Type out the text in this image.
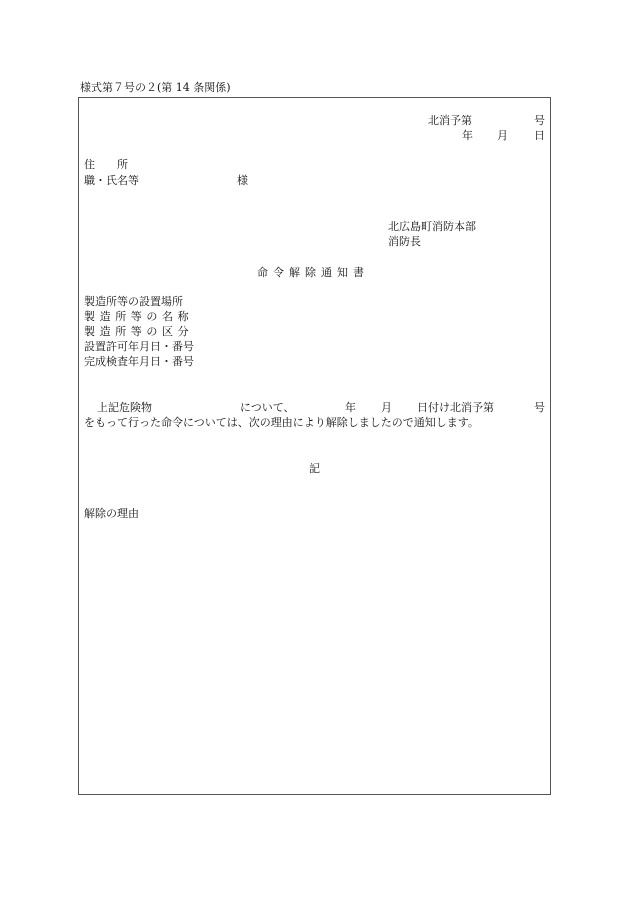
様式第７号の２(第 14 条関係)
北消予第	号
年 月 日
住　　所
職・氏名等	様
北広島町消防本部
消防長
命令解除通知書
製造所等の設置場所
製造所等の名称
製造所等の区分
設置許可年月日・番号
完成検査年月日・番号
上記危険物	について、	年 月 日付け北消予第	号
をもって行った命令については、次の理由により解除しましたので通知します。
記
解除の理由
